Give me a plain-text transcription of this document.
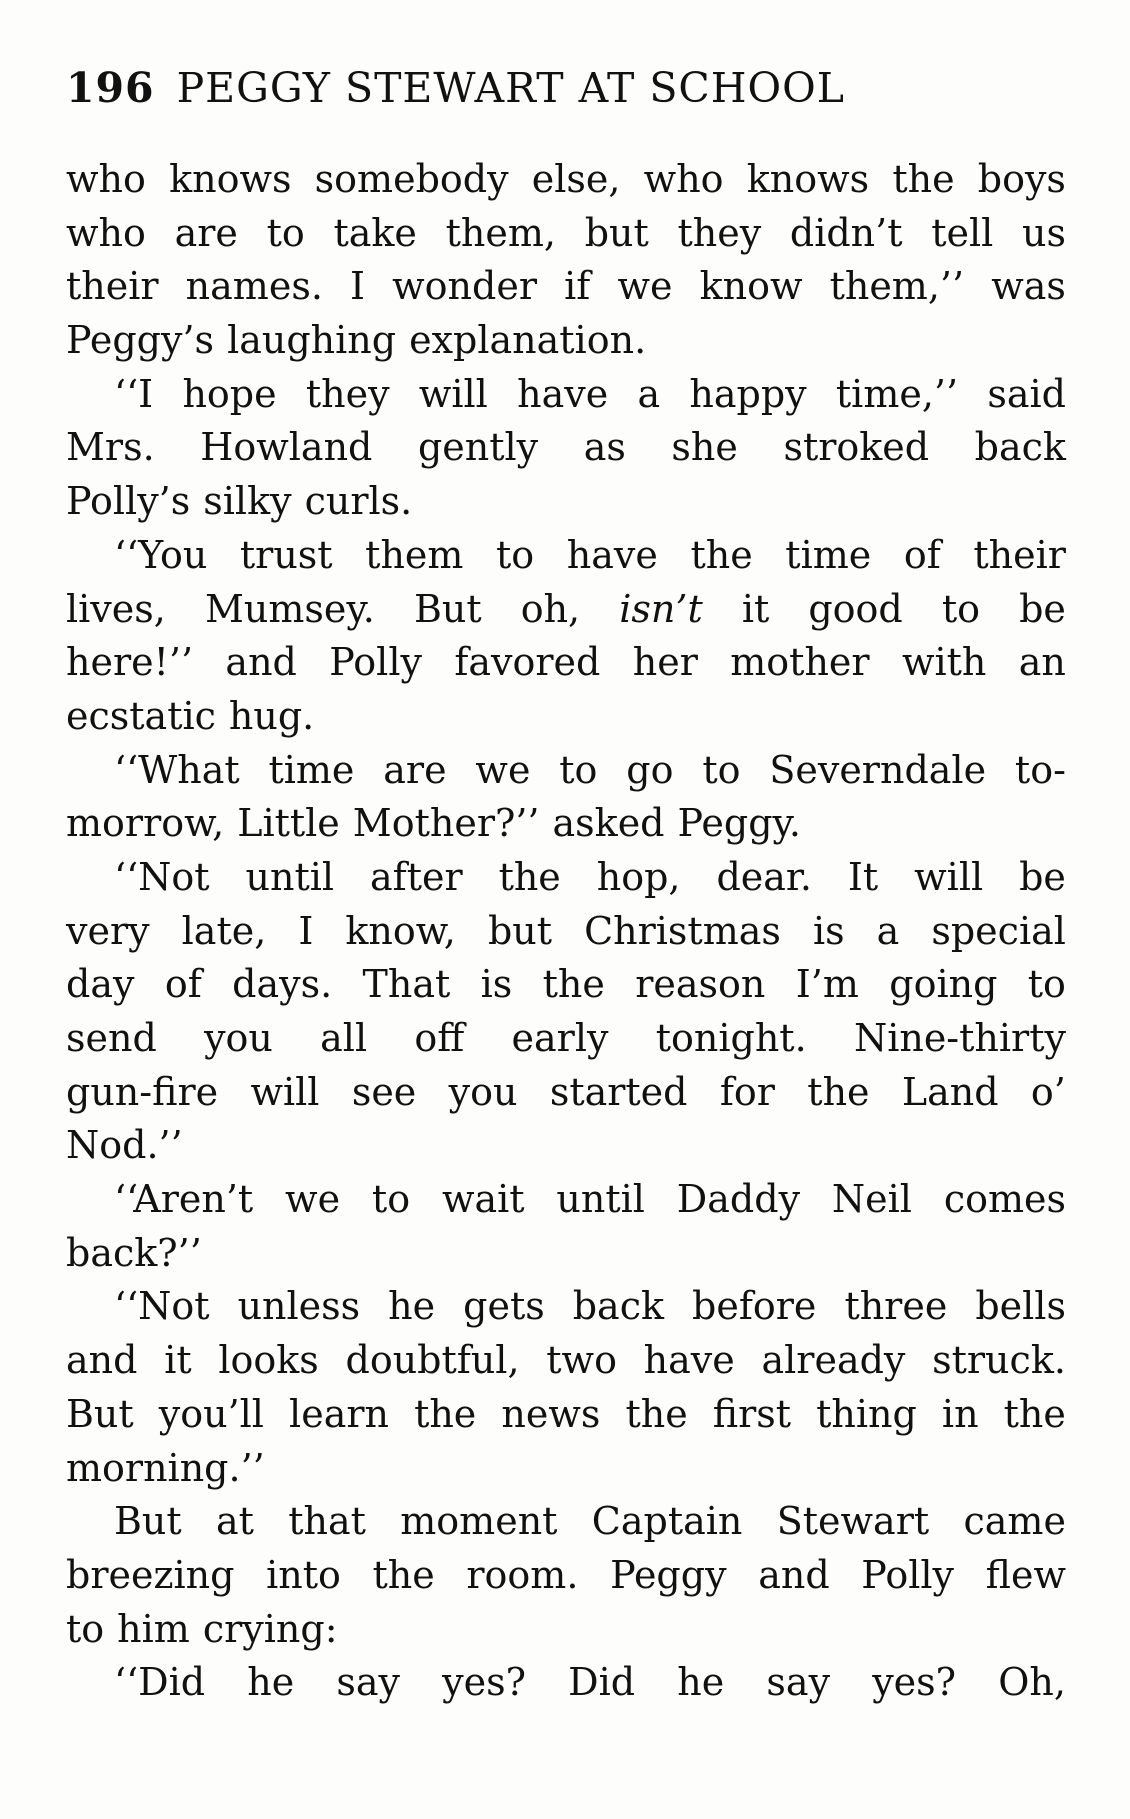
196 PEGGY STEWART AT SCHOOL
who knows somebody else, who knows the boys
who are to take them, but they didn’t tell us
their names. I wonder if we know them,’’ was
Peggy’s laughing explanation.
‘‘I hope they will have a happy time,’’ said
Mrs. Howland gently as she stroked back
Polly’s silky curls.
‘‘You trust them to have the time of their
lives, Mumsey. But oh, isn’t it good to be
here!’’ and Polly favored her mother with an
ecstatic hug.
‘‘What time are we to go to Severndale to-
morrow, Little Mother?’’ asked Peggy.
‘‘Not until after the hop, dear. It will be
very late, I know, but Christmas is a special
day of days. That is the reason I’m going to
send you all off early tonight. Nine-thirty
gun-fire will see you started for the Land o’
Nod.’’
‘‘Aren’t we to wait until Daddy Neil comes
back?’’
‘‘Not unless he gets back before three bells
and it looks doubtful, two have already struck.
But you’ll learn the news the first thing in the
morning.’’
But at that moment Captain Stewart came
breezing into the room. Peggy and Polly flew
to him crying:
‘‘Did he say yes? Did he say yes? Oh,
